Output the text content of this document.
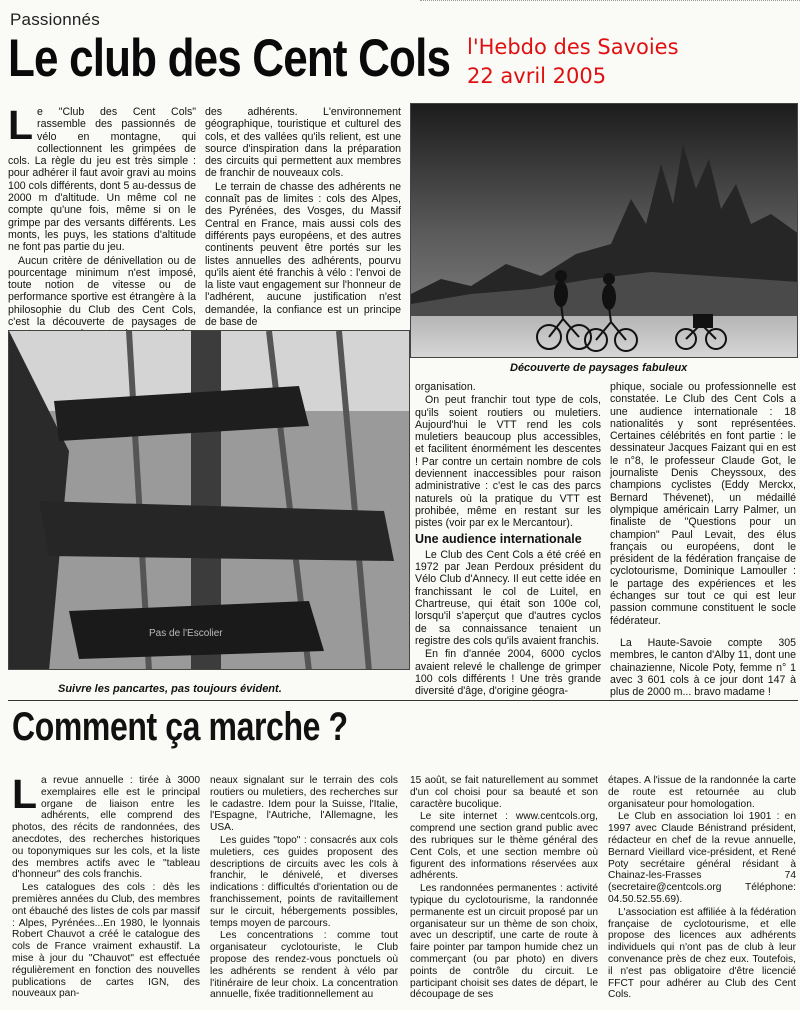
Passionnés
Le club des Cent Cols l'Hebdo des Savoies
22 avril 2005

Le "Club des Cent Cols" rassemble des passionnés de vélo en montagne, qui collectionnent les grimpées de cols. La règle du jeu est très simple : pour adhérer il faut avoir gravi au moins 100 cols différents, dont 5 au-dessus de 2000 m d'altitude. Un même col ne compte qu'une fois, même si on le grimpe par des versants différents. Les monts, les puys, les stations d'altitude ne font pas partie du jeu.

Aucun critère de dénivellation ou de pourcentage minimum n'est imposé, toute notion de vitesse ou de performance sportive est étrangère à la philosophie du Club des Cent Cols, c'est la découverte de paysages de

des adhérents. L'environnement géographique, touristique et culturel des cols, et des vallées qu'ils relient, est une source d'inspiration dans la préparation des circuits qui permettent aux membres de franchir de nouveaux cols.

Le terrain de chasse des adhérents ne connaît pas de limites : cols des Alpes, des Pyrénées, des Vosges, du Massif Central en France, mais aussi cols des différents pays européens, et des autres continents peuvent être portés sur les listes annuelles des adhérents, pourvu qu'ils aient été franchis à vélo : l'envoi de la liste vaut engagement sur l'honneur de l'adhérent, aucune justification n'est demandée, la confiance est un principe de base de

Découverte de paysages fabuleux
Pas de l'Escolier
Suivre les pancartes, pas toujours évident.

organisation.

On peut franchir tout type de cols, qu'ils soient routiers ou muletiers. Aujourd'hui le VTT rend les cols muletiers beaucoup plus accessibles, et facilitent énormément les descentes ! Par contre un certain nombre de cols deviennent inaccessibles pour raison administrative : c'est le cas des parcs naturels où la pratique du VTT est prohibée, même en restant sur les pistes (voir par ex le Mercantour).

Une audience internationale

Le Club des Cent Cols a été créé en 1972 par Jean Perdoux président du Vélo Club d'Annecy. Il eut cette idée en franchissant le col de Luitel, en Chartreuse, qui était son 100e col, lorsqu'il s'aperçut que d'autres cyclos de sa connaissance tenaient un registre des cols qu'ils avaient franchis.

En fin d'année 2004, 6000 cyclos avaient relevé le challenge de grimper 100 cols différents ! Une très grande diversité d'âge, d'origine géogra-

phique, sociale ou professionnelle est constatée. Le Club des Cent Cols a une audience internationale : 18 nationalités y sont représentées. Certaines célébrités en font partie : le dessinateur Jacques Faizant qui en est le n°8, le professeur Claude Got, le journaliste Denis Cheyssoux, des champions cyclistes (Eddy Merckx, Bernard Thévenet), un médaillé olympique américain Larry Palmer, un finaliste de "Questions pour un champion" Paul Levait, des élus français ou européens, dont le président de la fédération française de cyclotourisme, Dominique Lamouller : le partage des expériences et les échanges sur tout ce qui est leur passion commune constituent le socle fédérateur.

La Haute-Savoie compte 305 membres, le canton d'Alby 11, dont une chainazienne, Nicole Poty, femme n° 1 avec 3 601 cols à ce jour dont 147 à plus de 2000 m... bravo madame !

Comment ça marche ?

La revue annuelle : tirée à 3000 exemplaires elle est le principal organe de liaison entre les adhérents, elle comprend des photos, des récits de randonnées, des anecdotes, des recherches historiques ou toponymiques sur les cols, et la liste des membres actifs avec le "tableau d'honneur" des cols franchis.

Les catalogues des cols : dès les premières années du Club, des membres ont ébauché des listes de cols par massif : Alpes, Pyrénées...En 1980, le lyonnais Robert Chauvot a créé le catalogue des cols de France vraiment exhaustif. La mise à jour du "Chauvot" est effectuée régulièrement en fonction des nouvelles publications de cartes IGN, des nouveaux pan-

neaux signalant sur le terrain des cols routiers ou muletiers, des recherches sur le cadastre. Idem pour la Suisse, l'Italie, l'Espagne, l'Autriche, l'Allemagne, les USA.

Les guides "topo" : consacrés aux cols muletiers, ces guides proposent des descriptions de circuits avec les cols à franchir, le dénivelé, et diverses indications : difficultés d'orientation ou de franchissement, points de ravitaillement sur le circuit, hébergements possibles, temps moyen de parcours.

Les concentrations : comme tout organisateur cyclotouriste, le Club propose des rendez-vous ponctuels où les adhérents se rendent à vélo par l'itinéraire de leur choix. La concentration annuelle, fixée traditionnellement au

15 août, se fait naturellement au sommet d'un col choisi pour sa beauté et son caractère bucolique.

Le site internet : www.centcols.org, comprend une section grand public avec des rubriques sur le thème général des Cent Cols, et une section membre où figurent des informations réservées aux adhérents.

Les randonnées permanentes : activité typique du cyclotourisme, la randonnée permanente est un circuit proposé par un organisateur sur un thème de son choix, avec un descriptif, une carte de route à faire pointer par tampon humide chez un commerçant (ou par photo) en divers points de contrôle du circuit. Le participant choisit ses dates de départ, le découpage de ses

étapes. A l'issue de la randonnée la carte de route est retournée au club organisateur pour homologation.

Le Club en association loi 1901 : en 1997 avec Claude Bénistrand président, rédacteur en chef de la revue annuelle, Bernard Vieillard vice-président, et René Poty secrétaire général résidant à Chainaz-les-Frasses 74 (secretaire@centcols.org Téléphone: 04.50.52.55.69).

L'association est affiliée à la fédération française de cyclotourisme, et elle propose des licences aux adhérents individuels qui n'ont pas de club à leur convenance près de chez eux. Toutefois, il n'est pas obligatoire d'être licencié FFCT pour adhérer au Club des Cent Cols.
